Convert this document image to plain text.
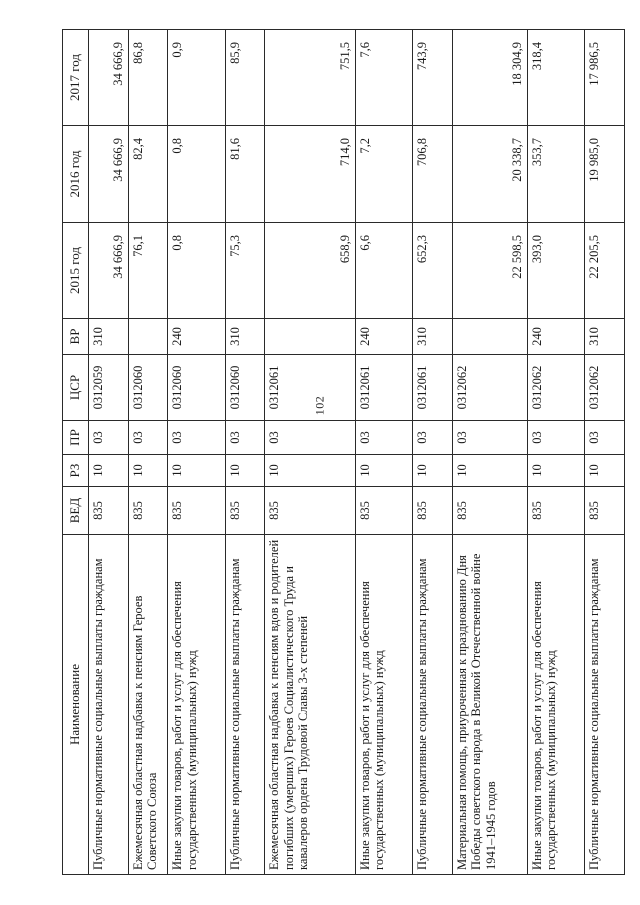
102
Наименование	ВЕД	РЗ	ПР	ЦСР	ВР	2015 год	2016 год	2017 год
Публичные нормативные социальные выплаты гражданам	835	10	03	0312059	310	34 666,9	34 666,9	34 666,9
Ежемесячная областная надбавка к пенсиям Героев Советского Союза	835	10	03	0312060		76,1	82,4	86,8
Иные закупки товаров, работ и услуг для обеспечения государственных (муниципальных) нужд	835	10	03	0312060	240	0,8	0,8	0,9
Публичные нормативные социальные выплаты гражданам	835	10	03	0312060	310	75,3	81,6	85,9
Ежемесячная областная надбавка к пенсиям вдов и родителей погибших (умерших) Героев Социалистического Труда и кавалеров ордена Трудовой Славы 3-х степеней	835	10	03	0312061		658,9	714,0	751,5
Иные закупки товаров, работ и услуг для обеспечения государственных (муниципальных) нужд	835	10	03	0312061	240	6,6	7,2	7,6
Публичные нормативные социальные выплаты гражданам	835	10	03	0312061	310	652,3	706,8	743,9
Материальная помощь, приуроченная к празднованию Дня Победы советского народа в Великой Отечественной войне 1941–1945 годов	835	10	03	0312062		22 598,5	20 338,7	18 304,9
Иные закупки товаров, работ и услуг для обеспечения государственных (муниципальных) нужд	835	10	03	0312062	240	393,0	353,7	318,4
Публичные нормативные социальные выплаты гражданам	835	10	03	0312062	310	22 205,5	19 985,0	17 986,5
